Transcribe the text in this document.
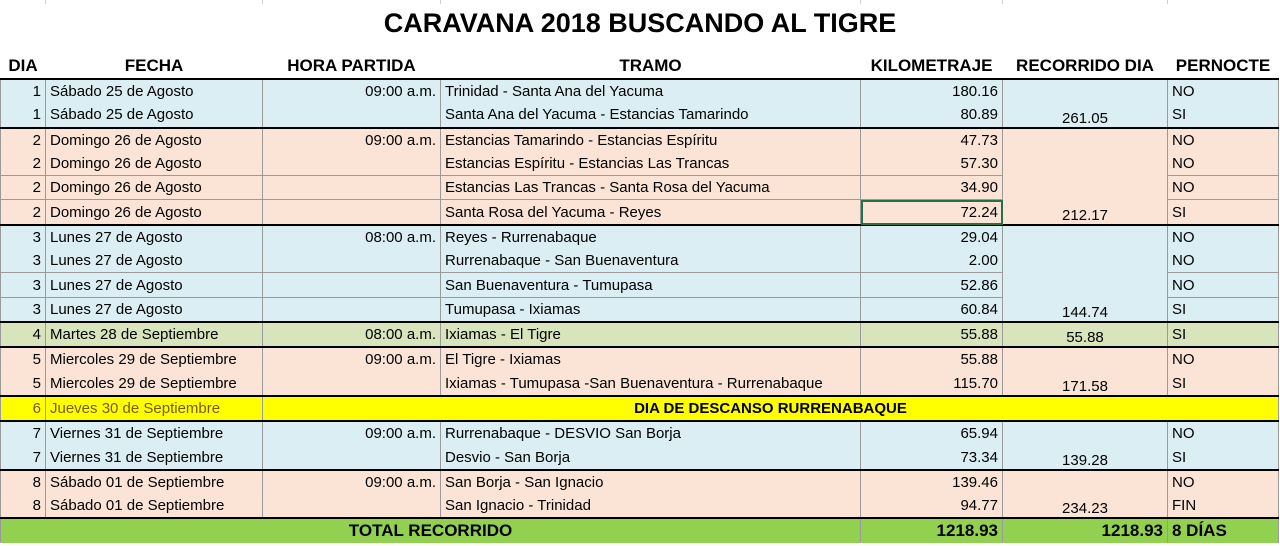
CARAVANA 2018 BUSCANDO AL TIGRE
DIA	FECHA	HORA PARTIDA	TRAMO	KILOMETRAJE	RECORRIDO DIA	PERNOCTE
1	Sábado 25 de Agosto	09:00 a.m.	Trinidad - Santa Ana del Yacuma	180.16	261.05	NO
1	Sábado 25 de Agosto		Santa Ana del Yacuma - Estancias Tamarindo	80.89		SI
2	Domingo 26 de Agosto	09:00 a.m.	Estancias Tamarindo - Estancias Espíritu	47.73	212.17	NO
2	Domingo 26 de Agosto		Estancias Espíritu - Estancias Las Trancas	57.30		NO
2	Domingo 26 de Agosto		Estancias Las Trancas - Santa Rosa del Yacuma	34.90		NO
2	Domingo 26 de Agosto		Santa Rosa del Yacuma - Reyes	72.24		SI
3	Lunes 27 de Agosto	08:00 a.m.	Reyes - Rurrenabaque	29.04	144.74	NO
3	Lunes 27 de Agosto		Rurrenabaque - San Buenaventura	2.00		NO
3	Lunes 27 de Agosto		San Buenaventura - Tumupasa	52.86		NO
3	Lunes 27 de Agosto		Tumupasa - Ixiamas	60.84		SI
4	Martes 28 de Septiembre	08:00 a.m.	Ixiamas - El Tigre	55.88	55.88	SI
5	Miercoles 29 de Septiembre	09:00 a.m.	El Tigre - Ixiamas	55.88	171.58	NO
5	Miercoles 29 de Septiembre		Ixiamas - Tumupasa -San Buenaventura - Rurrenabaque	115.70		SI
6	Jueves 30 de Septiembre	DIA DE DESCANSO RURRENABAQUE				
7	Viernes 31 de Septiembre	09:00 a.m.	Rurrenabaque - DESVIO San Borja	65.94	139.28	NO
7	Viernes 31 de Septiembre		Desvio - San Borja	73.34		SI
8	Sábado 01 de Septiembre	09:00 a.m.	San Borja - San Ignacio	139.46	234.23	NO
8	Sábado 01 de Septiembre		San Ignacio - Trinidad	94.77		FIN
TOTAL RECORRIDO				1218.93	1218.93	8 DÍAS
